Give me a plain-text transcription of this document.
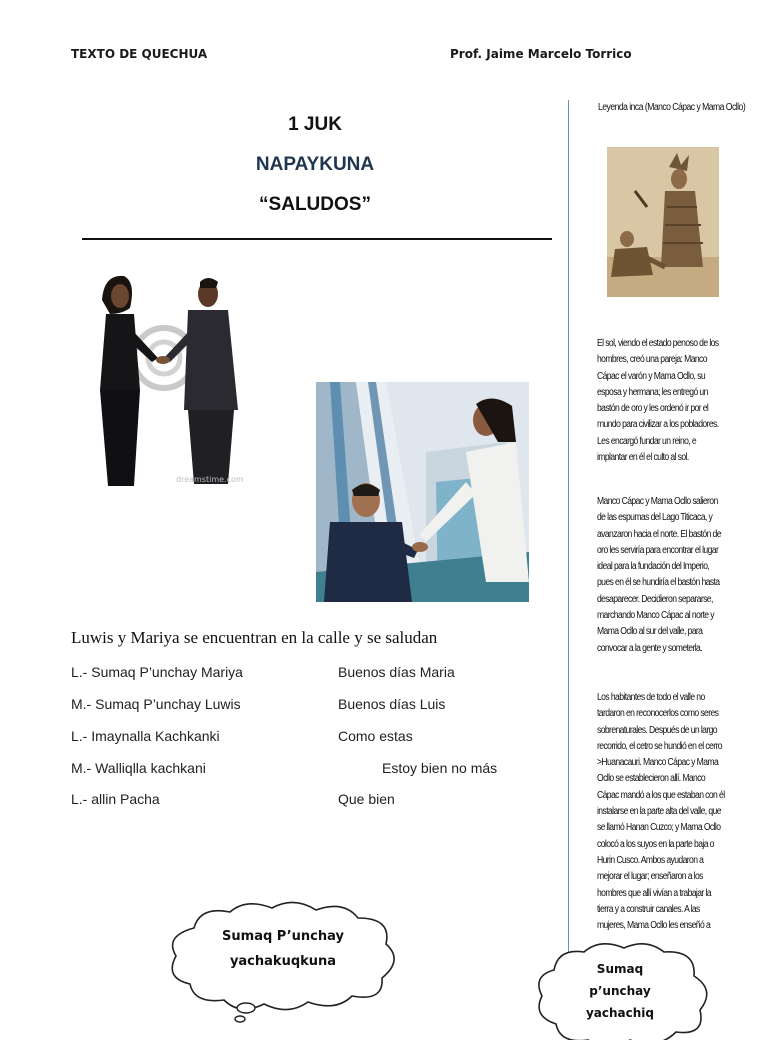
TEXTO DE QUECHUA	Prof. Jaime Marcelo Torrico
1 JUK
NAPAYKUNA
“SALUDOS”
dreamstime.com
Luwis y Mariya se encuentran en la calle y se saludan
L.- Sumaq P’unchay Mariya	Buenos días Maria
M.- Sumaq P’unchay Luwis	Buenos días Luis
L.- Imaynalla Kachkanki	Como estas
M.- Walliqlla kachkani	Estoy bien no más
L.- allin Pacha	Que bien
Leyenda inca (Manco Cápac y Mama Ocllo)
El sol, viendo el estado penoso de los hombres, creó una pareja: Manco Cápac el varón y Mama Ocllo, su esposa y hermana; les entregó un bastón de oro y les ordenó ir por el mundo para civilizar a los pobladores. Les encargó fundar un reino, e implantar en él el culto al sol.
Manco Cápac y Mama Ocllo salieron de las espumas del Lago Titicaca, y avanzaron hacia el norte. El bastón de oro les serviría para encontrar el lugar ideal para la fundación del Imperio, pues en él se hundiría el bastón hasta desaparecer. Decidieron separarse, marchando Manco Cápac al norte y Mama Ocllo al sur del valle, para convocar a la gente y someterla.
Los habitantes de todo el valle no tardaron en reconocerlos como seres sobrenaturales. Después de un largo recorrido, el cetro se hundió en el cerro >Huanacauri. Manco Cápac y Mama Ocllo se establecieron allí. Manco Cápac mandó a los que estaban con él instalarse en la parte alta del valle, que se llamó Hanan Cuzco; y Mama Ocllo colocó a los suyos en la parte baja o Hurin Cusco. Ambos ayudaron a mejorar el lugar; enseñaron a los hombres que allí vivían a trabajar la tierra y a construir canales. A las mujeres, Mama Ocllo les enseñó a
Sumaq P’unchay
yachakuqkuna	Sumaq
p’unchay
yachachiq
